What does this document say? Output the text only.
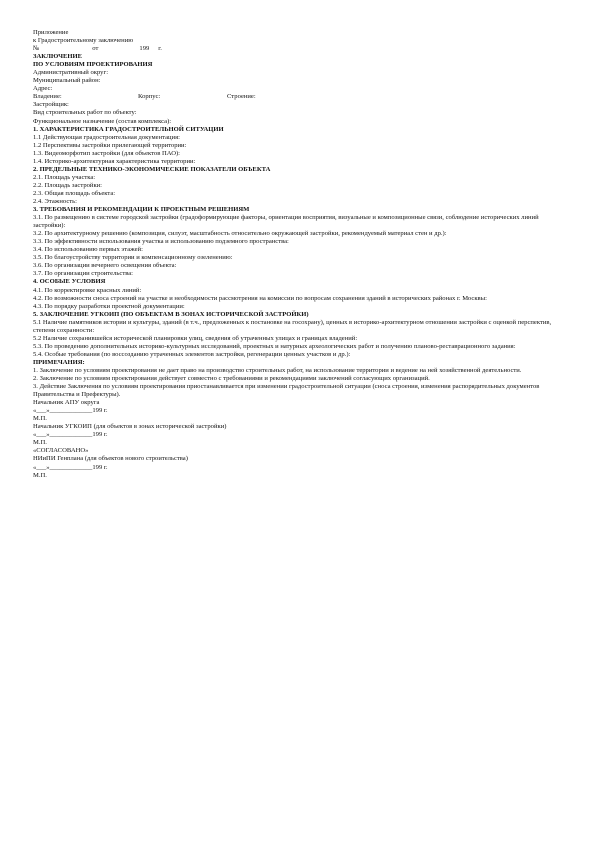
Приложение
к Градостроительному заключению
№	от	199 г.
ЗАКЛЮЧЕНИЕ
ПО УСЛОВИЯМ ПРОЕКТИРОВАНИЯ
Административный округ:
Муниципальный район:
Адрес:
Владение:	Корпус:	Строение:
Застройщик:
Вид строительных работ по объекту:
Функциональное назначение (состав комплекса):
1. ХАРАКТЕРИСТИКА ГРАДОСТРОИТЕЛЬНОЙ СИТУАЦИИ
1.1 Действующая градостроительная документация:
1.2 Перспективы застройки прилегающей территории:
1.3. Видеоморфотип застройки (для объектов ПАО):
1.4. Историко-архитектурная характеристика территории:
2. ПРЕДЕЛЬНЫЕ ТЕХНИКО-ЭКОНОМИЧЕСКИЕ ПОКАЗАТЕЛИ ОБЪЕКТА
2.1. Площадь участка:
2.2. Площадь застройки:
2.3. Общая площадь объекта:
2.4. Этажность:
3. ТРЕБОВАНИЯ И РЕКОМЕНДАЦИИ К ПРОЕКТНЫМ РЕШЕНИЯМ
3.1. По размещению в системе городской застройки (градоформирующие факторы, ориентация восприятия, визуальные и композиционные связи, соблюдение исторических линий застройки):
3.2. По архитектурному решению (композиция, силуэт, масштабность относительно окружающей застройки, рекомендуемый материал стен и др.):
3.3. По эффективности использования участка и использованию подземного пространства:
3.4. По использованию первых этажей:
3.5. По благоустройству территории и компенсационному озеленению:
3.6. По организации вечернего освещения объекта:
3.7. По организации строительства:
4. ОСОБЫЕ УСЛОВИЯ
4.1. По корректировке красных линий:
4.2. По возможности сноса строений на участке и необходимости рассмотрения на комиссии по вопросам сохранения зданий в исторических районах г. Москвы:
4.3. По порядку разработки проектной документации:
5. ЗАКЛЮЧЕНИЕ УГКОИП (ПО ОБЪЕКТАМ В ЗОНАХ ИСТОРИЧЕСКОЙ ЗАСТРОЙКИ)
5.1 Наличие памятников истории и культуры, зданий (в т.ч., предложенных к постановке на госохрану), ценных в историко-архитектурном отношении застройки с оценкой перспектив, степени сохранности:
5.2 Наличие сохранившейся исторической планировки улиц, сведения об утраченных улицах и границах владений:
5.3. По проведению дополнительных историко-культурных исследований, проектных и натурных археологических работ и получению планово-реставрационного задания:
5.4. Особые требования (по воссозданию утраченных элементов застройки, регенерации ценных участков и др.):
ПРИМЕЧАНИЯ:
1. Заключение по условиям проектирования не дает право на производство строительных работ, на использование территории и ведение на ней хозяйственной деятельности.
2. Заключение по условиям проектирования действует совместно с требованиями и рекомендациями заключений согласующих организаций.
3. Действие Заключения по условиям проектирования приостанавливается при изменении градостроительной ситуации (сноса строения, изменения распорядительных документов Правительства и Префектуры).
Начальник АПУ округа
«___»_____________199 г.
М.П.
Начальник УГКОИП (для объектов в зонах исторической застройки)
«___»_____________199 г.
М.П.
«СОГЛАСОВАНО»
НИиПИ Генплана (для объектов нового строительства)
«___»_____________199 г.
М.П.
